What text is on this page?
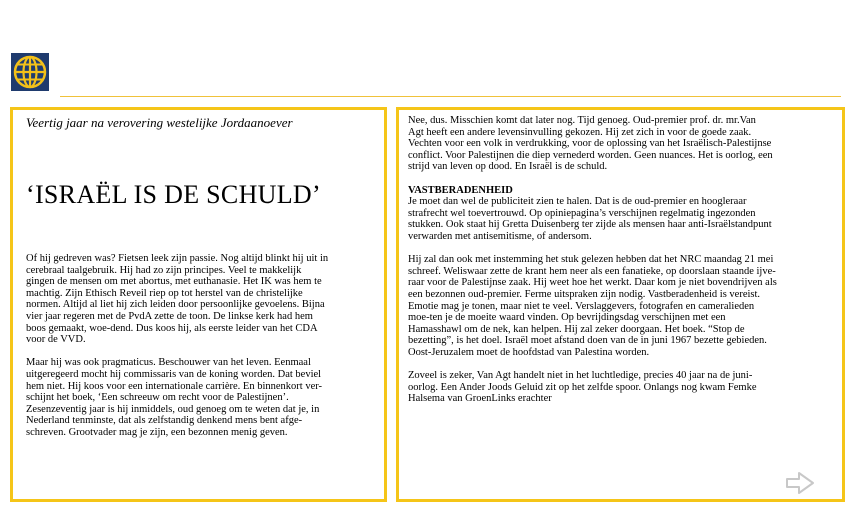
Veertig jaar na verovering westelijke Jordaanoever
‘ISRAËL IS DE SCHULD’

Of hij gedreven was? Fietsen leek zijn passie. Nog altijd blinkt hij uit in
cerebraal taalgebruik. Hij had zo zijn principes. Veel te makkelijk
gingen de mensen om met abortus, met euthanasie. Het IK was hem te
machtig. Zijn Ethisch Reveil riep op tot herstel van de christelijke
normen. Altijd al liet hij zich leiden door persoonlijke gevoelens. Bijna
vier jaar regeren met de PvdA zette de toon. De linkse kerk had hem
boos gemaakt, woe-dend. Dus koos hij, als eerste leider van het CDA
voor de VVD.

Maar hij was ook pragmaticus. Beschouwer van het leven. Eenmaal
uitgeregeerd mocht hij commissaris van de koning worden. Dat beviel
hem niet. Hij koos voor een internationale carrière. En binnenkort ver-
schijnt het boek, ‘Een schreeuw om recht voor de Palestijnen’.
Zesenzeventig jaar is hij inmiddels, oud genoeg om te weten dat je, in
Nederland tenminste, dat als zelfstandig denkend mens bent afge-
schreven. Grootvader mag je zijn, een bezonnen menig geven.

Nee, dus. Misschien komt dat later nog. Tijd genoeg. Oud-premier prof. dr. mr.Van
Agt heeft een andere levensinvulling gekozen. Hij zet zich in voor de goede zaak.
Vechten voor een volk in verdrukking, voor de oplossing van het Israëlisch-Palestijnse
conflict. Voor Palestijnen die diep vernederd worden. Geen nuances. Het is oorlog, een
strijd van leven op dood. En Israël is de schuld.

VASTBERADENHEID

Je moet dan wel de publiciteit zien te halen. Dat is de oud-premier en hoogleraar
strafrecht wel toevertrouwd. Op opiniepagina’s verschijnen regelmatig ingezonden
stukken. Ook staat hij Gretta Duisenberg ter zijde als mensen haar anti-Israëlstandpunt
verwarden met antisemitisme, of andersom.

Hij zal dan ook met instemming het stuk gelezen hebben dat het NRC maandag 21 mei
schreef. Weliswaar zette de krant hem neer als een fanatieke, op doorslaan staande ijve-
raar voor de Palestijnse zaak. Hij weet hoe het werkt. Daar kom je niet bovendrijven als
een bezonnen oud-premier. Ferme uitspraken zijn nodig. Vastberadenheid is vereist.
Emotie mag je tonen, maar niet te veel. Verslaggevers, fotografen en cameralieden
moe-ten je de moeite waard vinden. Op bevrijdingsdag verschijnen met een
Hamasshawl om de nek, kan helpen. Hij zal zeker doorgaan. Het boek. “Stop de
bezetting”, is het doel. Israël moet afstand doen van de in juni 1967 bezette gebieden.
Oost-Jeruzalem moet de hoofdstad van Palestina worden.

Zoveel is zeker, Van Agt handelt niet in het luchtledige, precies 40 jaar na de juni-
oorlog. Een Ander Joods Geluid zit op het zelfde spoor. Onlangs nog kwam Femke
Halsema van GroenLinks erachter
